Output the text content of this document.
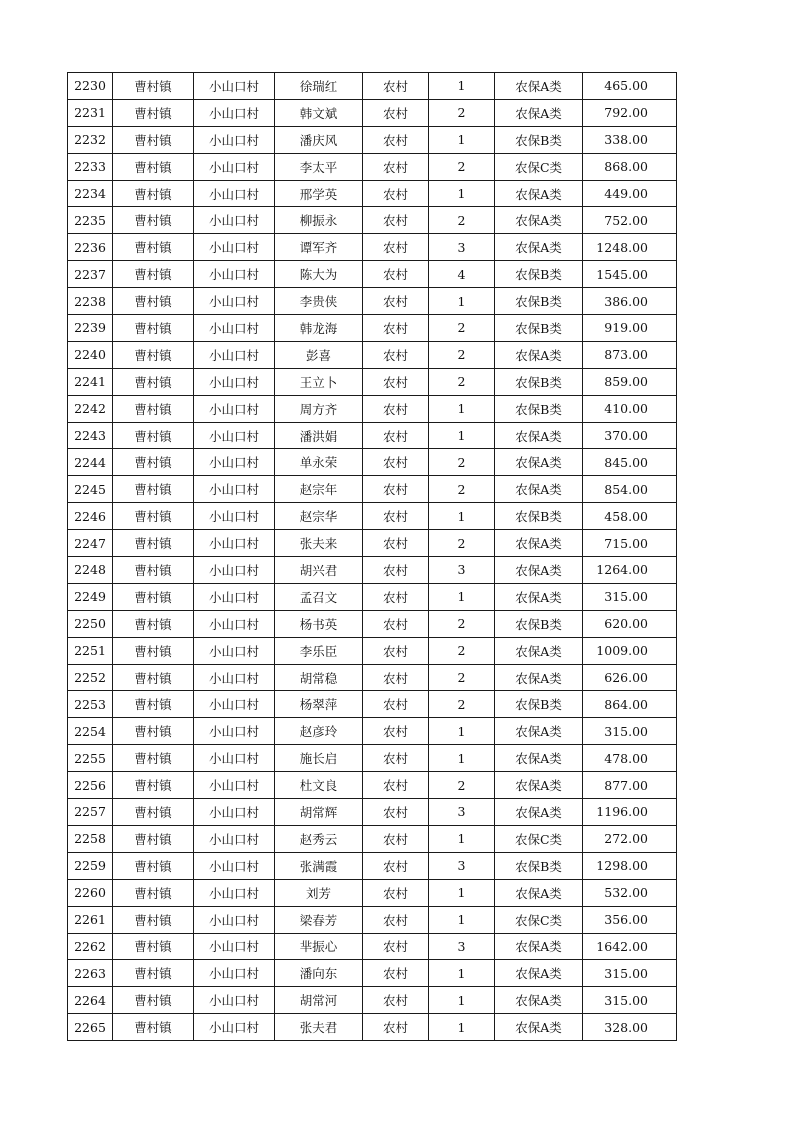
2230	曹村镇	小山口村	徐瑞红	农村	1	农保A类	465.00
2231	曹村镇	小山口村	韩文斌	农村	2	农保A类	792.00
2232	曹村镇	小山口村	潘庆风	农村	1	农保B类	338.00
2233	曹村镇	小山口村	李太平	农村	2	农保C类	868.00
2234	曹村镇	小山口村	邢学英	农村	1	农保A类	449.00
2235	曹村镇	小山口村	柳振永	农村	2	农保A类	752.00
2236	曹村镇	小山口村	谭军齐	农村	3	农保A类	1248.00
2237	曹村镇	小山口村	陈大为	农村	4	农保B类	1545.00
2238	曹村镇	小山口村	李贵侠	农村	1	农保B类	386.00
2239	曹村镇	小山口村	韩龙海	农村	2	农保B类	919.00
2240	曹村镇	小山口村	彭喜	农村	2	农保A类	873.00
2241	曹村镇	小山口村	王立卜	农村	2	农保B类	859.00
2242	曹村镇	小山口村	周方齐	农村	1	农保B类	410.00
2243	曹村镇	小山口村	潘洪娟	农村	1	农保A类	370.00
2244	曹村镇	小山口村	单永荣	农村	2	农保A类	845.00
2245	曹村镇	小山口村	赵宗年	农村	2	农保A类	854.00
2246	曹村镇	小山口村	赵宗华	农村	1	农保B类	458.00
2247	曹村镇	小山口村	张夫来	农村	2	农保A类	715.00
2248	曹村镇	小山口村	胡兴君	农村	3	农保A类	1264.00
2249	曹村镇	小山口村	孟召文	农村	1	农保A类	315.00
2250	曹村镇	小山口村	杨书英	农村	2	农保B类	620.00
2251	曹村镇	小山口村	李乐臣	农村	2	农保A类	1009.00
2252	曹村镇	小山口村	胡常稳	农村	2	农保A类	626.00
2253	曹村镇	小山口村	杨翠萍	农村	2	农保B类	864.00
2254	曹村镇	小山口村	赵彦玲	农村	1	农保A类	315.00
2255	曹村镇	小山口村	施长启	农村	1	农保A类	478.00
2256	曹村镇	小山口村	杜文良	农村	2	农保A类	877.00
2257	曹村镇	小山口村	胡常辉	农村	3	农保A类	1196.00
2258	曹村镇	小山口村	赵秀云	农村	1	农保C类	272.00
2259	曹村镇	小山口村	张满霞	农村	3	农保B类	1298.00
2260	曹村镇	小山口村	刘芳	农村	1	农保A类	532.00
2261	曹村镇	小山口村	梁春芳	农村	1	农保C类	356.00
2262	曹村镇	小山口村	芈振心	农村	3	农保A类	1642.00
2263	曹村镇	小山口村	潘向东	农村	1	农保A类	315.00
2264	曹村镇	小山口村	胡常河	农村	1	农保A类	315.00
2265	曹村镇	小山口村	张夫君	农村	1	农保A类	328.00
